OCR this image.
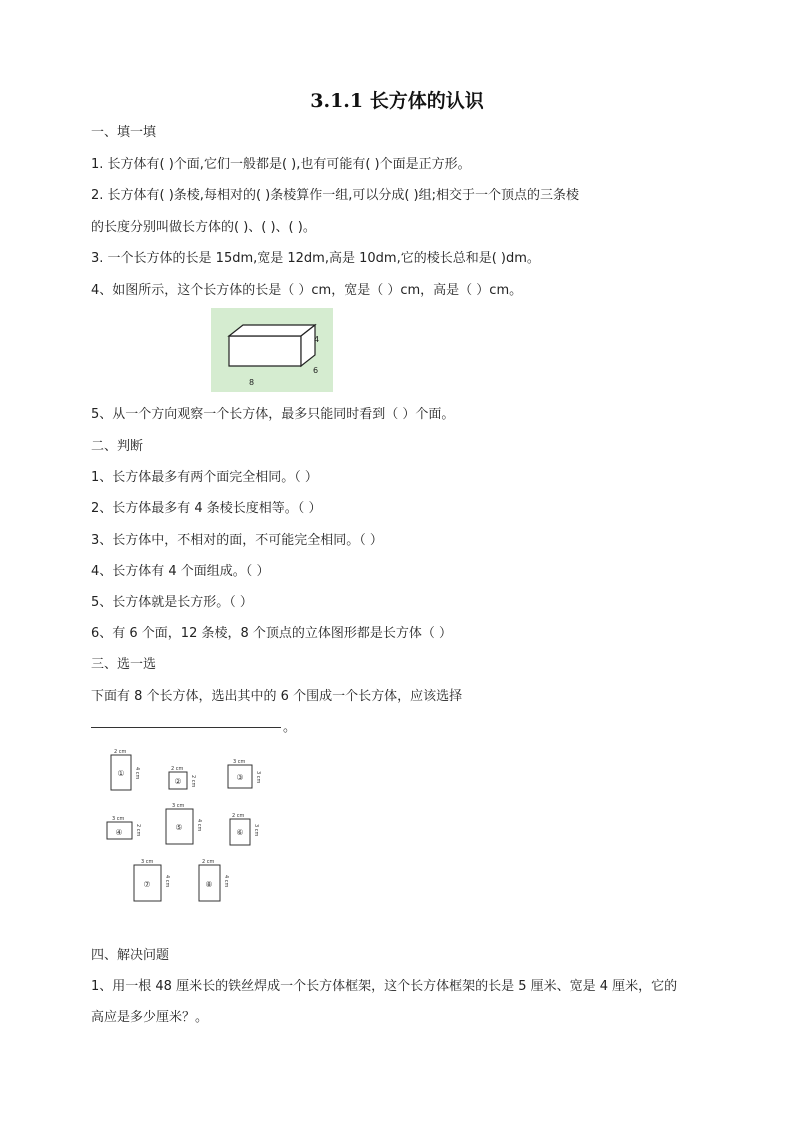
3.1.1 长方体的认识
一、填一填
1. 长方体有( )个面,它们一般都是( ),也有可能有( )个面是正方形。
2. 长方体有( )条棱,每相对的( )条棱算作一组,可以分成( )组;相交于一个顶点的三条棱
的长度分别叫做长方体的( )、( )、( )。
3. 一个长方体的长是 15dm,宽是 12dm,高是 10dm,它的棱长总和是( )dm。
4、如图所示，这个长方体的长是（ ）cm，宽是（ ）cm，高是（ ）cm。
8
4
6
5、从一个方向观察一个长方体，最多只能同时看到（ ）个面。
二、判断
1、长方体最多有两个面完全相同。（ ）
2、长方体最多有 4 条棱长度相等。（ ）
3、长方体中，不相对的面，不可能完全相同。（ ）
4、长方体有 4 个面组成。（ ）
5、长方体就是长方形。（ ）
6、有 6 个面，12 条棱，8 个顶点的立体图形都是长方体（ ）
三、选一选
下面有 8 个长方体，选出其中的 6 个围成一个长方体，应该选择
。
2 cm
① 4 cm	2 cm
② 2 cm
3 cm
③ 3 cm
3 cm
④ 2 cm
3 cm
⑤	4 cm
2 cm
⑥ 3 cm
3 cm
⑦	4 cm
2 cm
⑧ 4 cm
四、解决问题
1、用一根 48 厘米长的铁丝焊成一个长方体框架，这个长方体框架的长是 5 厘米、宽是 4 厘米，它的
高应是多少厘米？。
